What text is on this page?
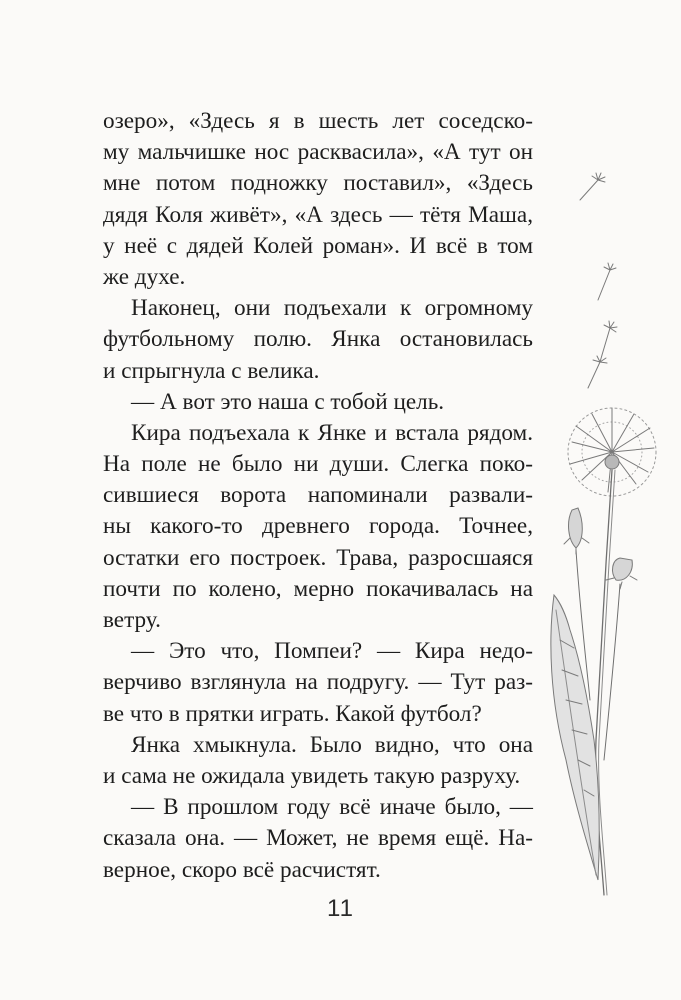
озеро», «Здесь я в шесть лет соседско-
му мальчишке нос расквасила», «А тут он
мне потом подножку поставил», «Здесь
дядя Коля живёт», «А здесь — тётя Маша,
у неё с дядей Колей роман». И всё в том
же духе.
Наконец, они подъехали к огромному
футбольному полю. Янка остановилась
и спрыгнула с велика.
— А вот это наша с тобой цель.
Кира подъехала к Янке и встала рядом.
На поле не было ни души. Слегка поко-
сившиеся ворота напоминали развали-
ны какого-то древнего города. Точнее,
остатки его построек. Трава, разросшаяся
почти по колено, мерно покачивалась на
ветру.
— Это что, Помпеи? — Кира недо-
верчиво взглянула на подругу. — Тут раз-
ве что в прятки играть. Какой футбол?
Янка хмыкнула. Было видно, что она
и сама не ожидала увидеть такую разруху.
— В прошлом году всё иначе было, —
сказала она. — Может, не время ещё. На-
верное, скоро всё расчистят.
11
